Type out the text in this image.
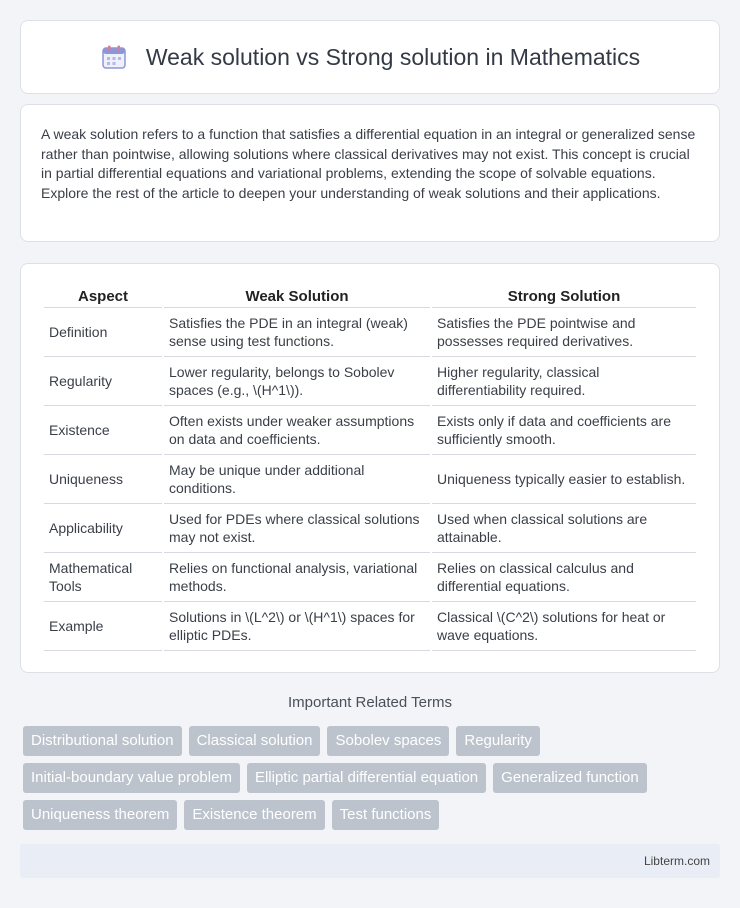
Weak solution vs Strong solution in Mathematics

A weak solution refers to a function that satisfies a differential equation in an integral or generalized sense rather than pointwise, allowing solutions where classical derivatives may not exist. This concept is crucial in partial differential equations and variational problems, extending the scope of solvable equations. Explore the rest of the article to deepen your understanding of weak solutions and their applications.

Aspect	Weak Solution	Strong Solution
Definition	Satisfies the PDE in an integral (weak) sense using test functions.	Satisfies the PDE pointwise and possesses required derivatives.
Regularity	Lower regularity, belongs to Sobolev spaces (e.g., \(H^1\)).	Higher regularity, classical differentiability required.
Existence	Often exists under weaker assumptions on data and coefficients.	Exists only if data and coefficients are sufficiently smooth.
Uniqueness	May be unique under additional conditions.	Uniqueness typically easier to establish.
Applicability	Used for PDEs where classical solutions may not exist.	Used when classical solutions are attainable.
Mathematical Tools	Relies on functional analysis, variational methods.	Relies on classical calculus and differential equations.
Example	Solutions in \(L^2\) or \(H^1\) spaces for elliptic PDEs.	Classical \(C^2\) solutions for heat or wave equations.
Important Related Terms
Distributional solution	Classical solution	Sobolev spaces	Regularity
Initial-boundary value problem	Elliptic partial differential equation	Generalized function
Uniqueness theorem	Existence theorem	Test functions
Libterm.com
